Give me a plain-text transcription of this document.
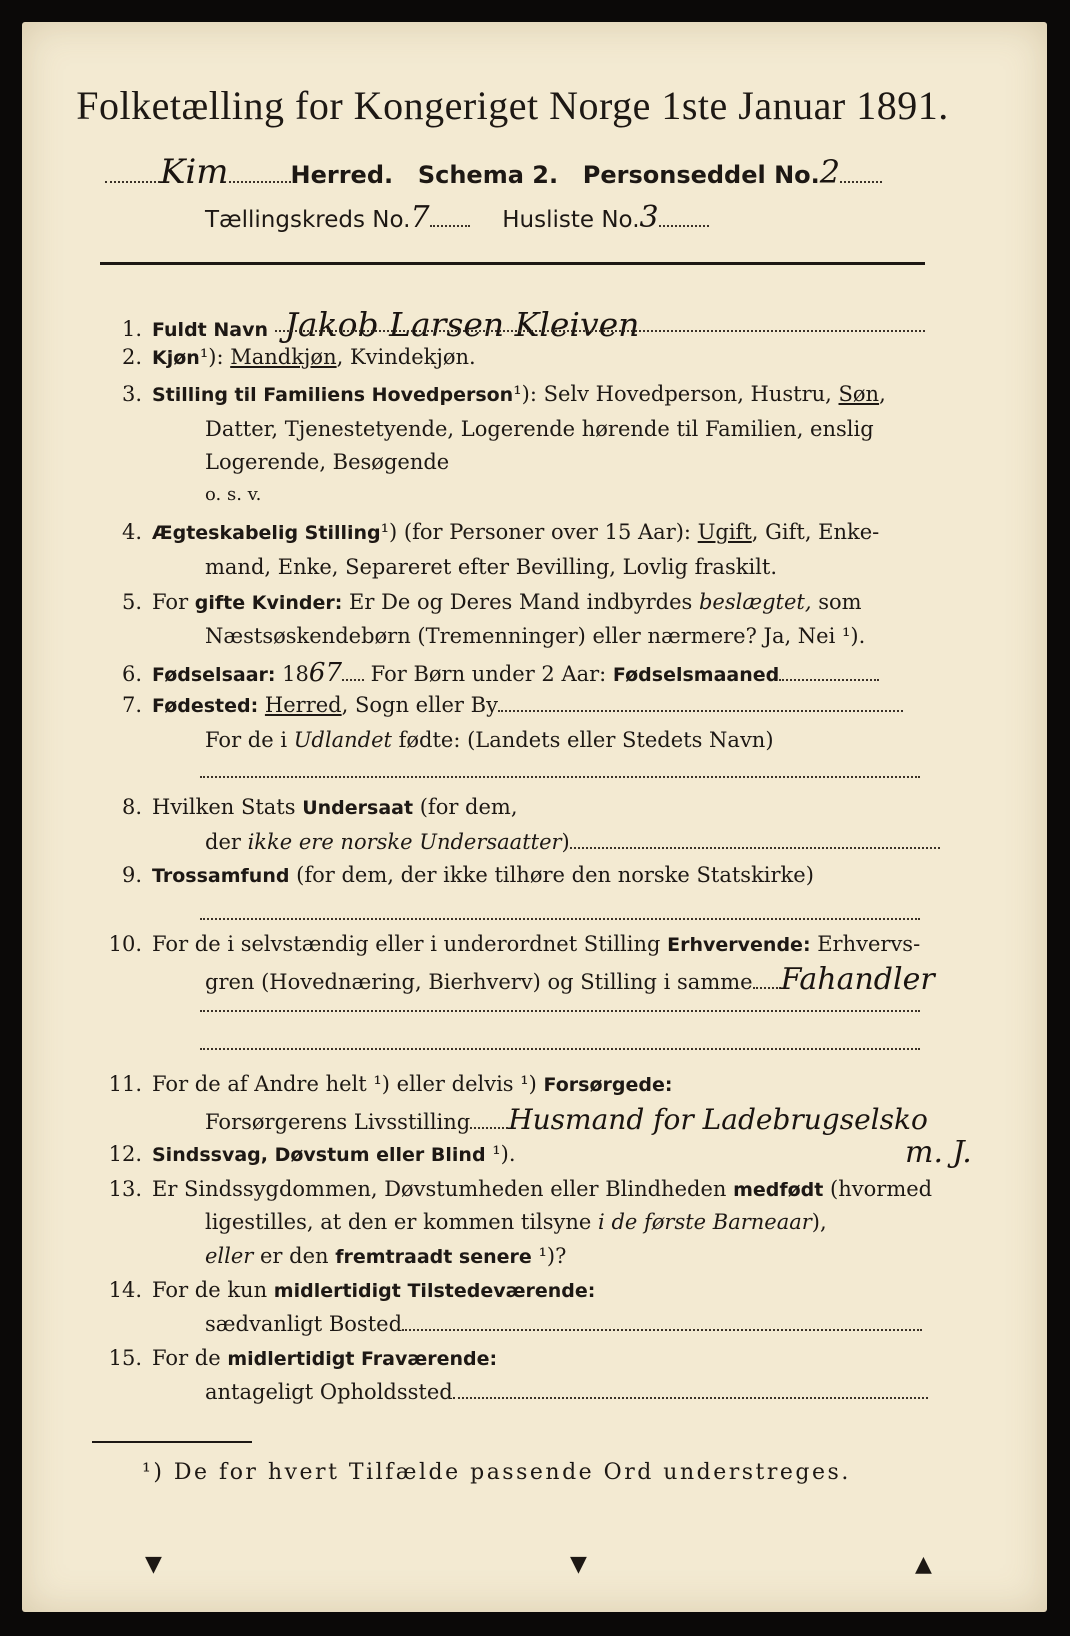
Folketælling for Kongeriget Norge 1ste Januar 1891.
Kim	Herred. Schema 2. Personseddel No.2
Tællingskreds No.7	Husliste No.3
1. Fuldt Navn Jakob Larsen Kleiven
2. Kjøn¹): Mandkjøn, Kvindekjøn.
3. Stilling til Familiens Hovedperson¹): Selv Hovedperson, Hustru, Søn,
Datter, Tjenestetyende, Logerende hørende til Familien, enslig
Logerende, Besøgende
o. s. v.
4. Ægteskabelig Stilling¹) (for Personer over 15 Aar): Ugift, Gift, Enke-
mand, Enke, Separeret efter Bevilling, Lovlig fraskilt.
5. For gifte Kvinder: Er De og Deres Mand indbyrdes beslægtet, som
Næstsøskendebørn (Tremenninger) eller nærmere? Ja, Nei ¹).
6. Fødselsaar: 1867 For Børn under 2 Aar: Fødselsmaaned
7. Fødested: Herred, Sogn eller By
For de i Udlandet fødte: (Landets eller Stedets Navn)
8. Hvilken Stats Undersaat (for dem,
der ikke ere norske Undersaatter)
9. Trossamfund (for dem, der ikke tilhøre den norske Statskirke)
10. For de i selvstændig eller i underordnet Stilling Erhvervende: Erhvervs-
gren (Hovednæring, Bierhverv) og Stilling i samme Fahandler
11. For de af Andre helt ¹) eller delvis ¹) Forsørgede:
Forsørgerens Livsstilling Husmand for Ladebrugselsko
m. J.
12. Sindssvag, Døvstum eller Blind ¹).
13. Er Sindssygdommen, Døvstumheden eller Blindheden medfødt (hvormed
ligestilles, at den er kommen tilsyne i de første Barneaar),
eller er den fremtraadt senere ¹)?
14. For de kun midlertidigt Tilstedeværende:
sædvanligt Bosted
15. For de midlertidigt Fraværende:
antageligt Opholdssted
¹) De for hvert Tilfælde passende Ord understreges.
▼	▼	▲
